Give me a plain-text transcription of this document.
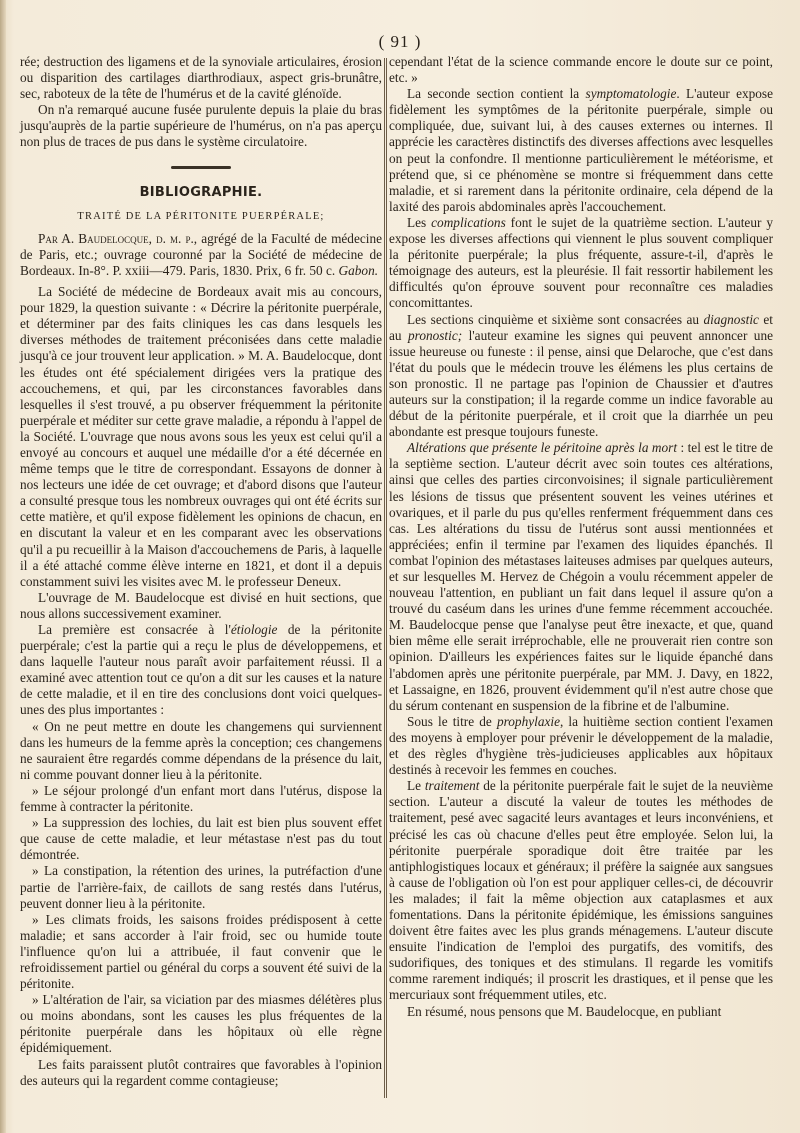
( 91 )

rée; destruction des ligamens et de la synoviale articulaires, érosion ou disparition des cartilages diarthrodiaux, aspect gris-brunâtre, sec, raboteux de la tête de l'humérus et de la cavité glénoïde.

On n'a remarqué aucune fusée purulente depuis la plaie du bras jusqu'auprès de la partie supérieure de l'humérus, on n'a pas aperçu non plus de traces de pus dans le système circulatoire.

BIBLIOGRAPHIE.
TRAITÉ DE LA PÉRITONITE PUERPÉRALE;

Par A. Baudelocque, d. m. p., agrégé de la Faculté de médecine de Paris, etc.; ouvrage couronné par la Société de médecine de Bordeaux. In-8°. P. xxiii—479. Paris, 1830. Prix, 6 fr. 50 c. Gabon.

La Société de médecine de Bordeaux avait mis au concours, pour 1829, la question suivante : « Décrire la péritonite puerpérale, et déterminer par des faits cliniques les cas dans lesquels les diverses méthodes de traitement préconisées dans cette maladie jusqu'à ce jour trouvent leur application. » M. A. Baudelocque, dont les études ont été spécialement dirigées vers la pratique des accouchemens, et qui, par les circonstances favorables dans lesquelles il s'est trouvé, a pu observer fréquemment la péritonite puerpérale et méditer sur cette grave maladie, a répondu à l'appel de la Société. L'ouvrage que nous avons sous les yeux est celui qu'il a envoyé au concours et auquel une médaille d'or a été décernée en même temps que le titre de correspondant. Essayons de donner à nos lecteurs une idée de cet ouvrage; et d'abord disons que l'auteur a consulté presque tous les nombreux ouvrages qui ont été écrits sur cette matière, et qu'il expose fidèlement les opinions de chacun, en en discutant la valeur et en les comparant avec les observations qu'il a pu recueillir à la Maison d'accouchemens de Paris, à laquelle il a été attaché comme élève interne en 1821, et dont il a depuis constamment suivi les visites avec M. le professeur Deneux.

L'ouvrage de M. Baudelocque est divisé en huit sections, que nous allons successivement examiner.

La première est consacrée à l'étiologie de la péritonite puerpérale; c'est la partie qui a reçu le plus de développemens, et dans laquelle l'auteur nous paraît avoir parfaitement réussi. Il a examiné avec attention tout ce qu'on a dit sur les causes et la nature de cette maladie, et il en tire des conclusions dont voici quelques-unes des plus importantes :

« On ne peut mettre en doute les changemens qui surviennent dans les humeurs de la femme après la conception; ces changemens ne sauraient être regardés comme dépendans de la présence du lait, ni comme pouvant donner lieu à la péritonite.

» Le séjour prolongé d'un enfant mort dans l'utérus, dispose la femme à contracter la péritonite.

» La suppression des lochies, du lait est bien plus souvent effet que cause de cette maladie, et leur métastase n'est pas du tout démontrée.

» La constipation, la rétention des urines, la putréfaction d'une partie de l'arrière-faix, de caillots de sang restés dans l'utérus, peuvent donner lieu à la péritonite.

» Les climats froids, les saisons froides prédisposent à cette maladie; et sans accorder à l'air froid, sec ou humide toute l'influence qu'on lui a attribuée, il faut convenir que le refroidissement partiel ou général du corps a souvent été suivi de la péritonite.

» L'altération de l'air, sa viciation par des miasmes délétères plus ou moins abondans, sont les causes les plus fréquentes de la péritonite puerpérale dans les hôpitaux où elle règne épidémiquement.

Les faits paraissent plutôt contraires que favorables à l'opinion des auteurs qui la regardent comme contagieuse;

cependant l'état de la science commande encore le doute sur ce point, etc. »

La seconde section contient la symptomatologie. L'auteur expose fidèlement les symptômes de la péritonite puerpérale, simple ou compliquée, due, suivant lui, à des causes externes ou internes. Il apprécie les caractères distinctifs des diverses affections avec lesquelles on peut la confondre. Il mentionne particulièrement le météorisme, et prétend que, si ce phénomène se montre si fréquemment dans cette maladie, et si rarement dans la péritonite ordinaire, cela dépend de la laxité des parois abdominales après l'accouchement.

Les complications font le sujet de la quatrième section. L'auteur y expose les diverses affections qui viennent le plus souvent compliquer la péritonite puerpérale; la plus fréquente, assure-t-il, d'après le témoignage des auteurs, est la pleurésie. Il fait ressortir habilement les difficultés qu'on éprouve souvent pour reconnaître ces maladies concomittantes.

Les sections cinquième et sixième sont consacrées au diagnostic et au pronostic; l'auteur examine les signes qui peuvent annoncer une issue heureuse ou funeste : il pense, ainsi que Delaroche, que c'est dans l'état du pouls que le médecin trouve les élémens les plus certains de son pronostic. Il ne partage pas l'opinion de Chaussier et d'autres auteurs sur la constipation; il la regarde comme un indice favorable au début de la péritonite puerpérale, et il croit que la diarrhée un peu abondante est presque toujours funeste.

Altérations que présente le péritoine après la mort : tel est le titre de la septième section. L'auteur décrit avec soin toutes ces altérations, ainsi que celles des parties circonvoisines; il signale particulièrement les lésions de tissus que présentent souvent les veines utérines et ovariques, et il parle du pus qu'elles renferment fréquemment dans ces cas. Les altérations du tissu de l'utérus sont aussi mentionnées et appréciées; enfin il termine par l'examen des liquides épanchés. Il combat l'opinion des métastases laiteuses admises par quelques auteurs, et sur lesquelles M. Hervez de Chégoin a voulu récemment appeler de nouveau l'attention, en publiant un fait dans lequel il assure qu'on a trouvé du caséum dans les urines d'une femme récemment accouchée. M. Baudelocque pense que l'analyse peut être inexacte, et que, quand bien même elle serait irréprochable, elle ne prouverait rien contre son opinion. D'ailleurs les expériences faites sur le liquide épanché dans l'abdomen après une péritonite puerpérale, par MM. J. Davy, en 1822, et Lassaigne, en 1826, prouvent évidemment qu'il n'est autre chose que du sérum contenant en suspension de la fibrine et de l'albumine.

Sous le titre de prophylaxie, la huitième section contient l'examen des moyens à employer pour prévenir le développement de la maladie, et des règles d'hygiène très-judicieuses applicables aux hôpitaux destinés à recevoir les femmes en couches.

Le traitement de la péritonite puerpérale fait le sujet de la neuvième section. L'auteur a discuté la valeur de toutes les méthodes de traitement, pesé avec sagacité leurs avantages et leurs inconvéniens, et précisé les cas où chacune d'elles peut être employée. Selon lui, la péritonite puerpérale sporadique doit être traitée par les antiphlogistiques locaux et généraux; il préfère la saignée aux sangsues à cause de l'obligation où l'on est pour appliquer celles-ci, de découvrir les malades; il fait la même objection aux cataplasmes et aux fomentations. Dans la péritonite épidémique, les émissions sanguines doivent être faites avec les plus grands ménagemens. L'auteur discute ensuite l'indication de l'emploi des purgatifs, des vomitifs, des sudorifiques, des toniques et des stimulans. Il regarde les vomitifs comme rarement indiqués; il proscrit les drastiques, et il pense que les mercuriaux sont fréquemment utiles, etc.

En résumé, nous pensons que M. Baudelocque, en publiant
